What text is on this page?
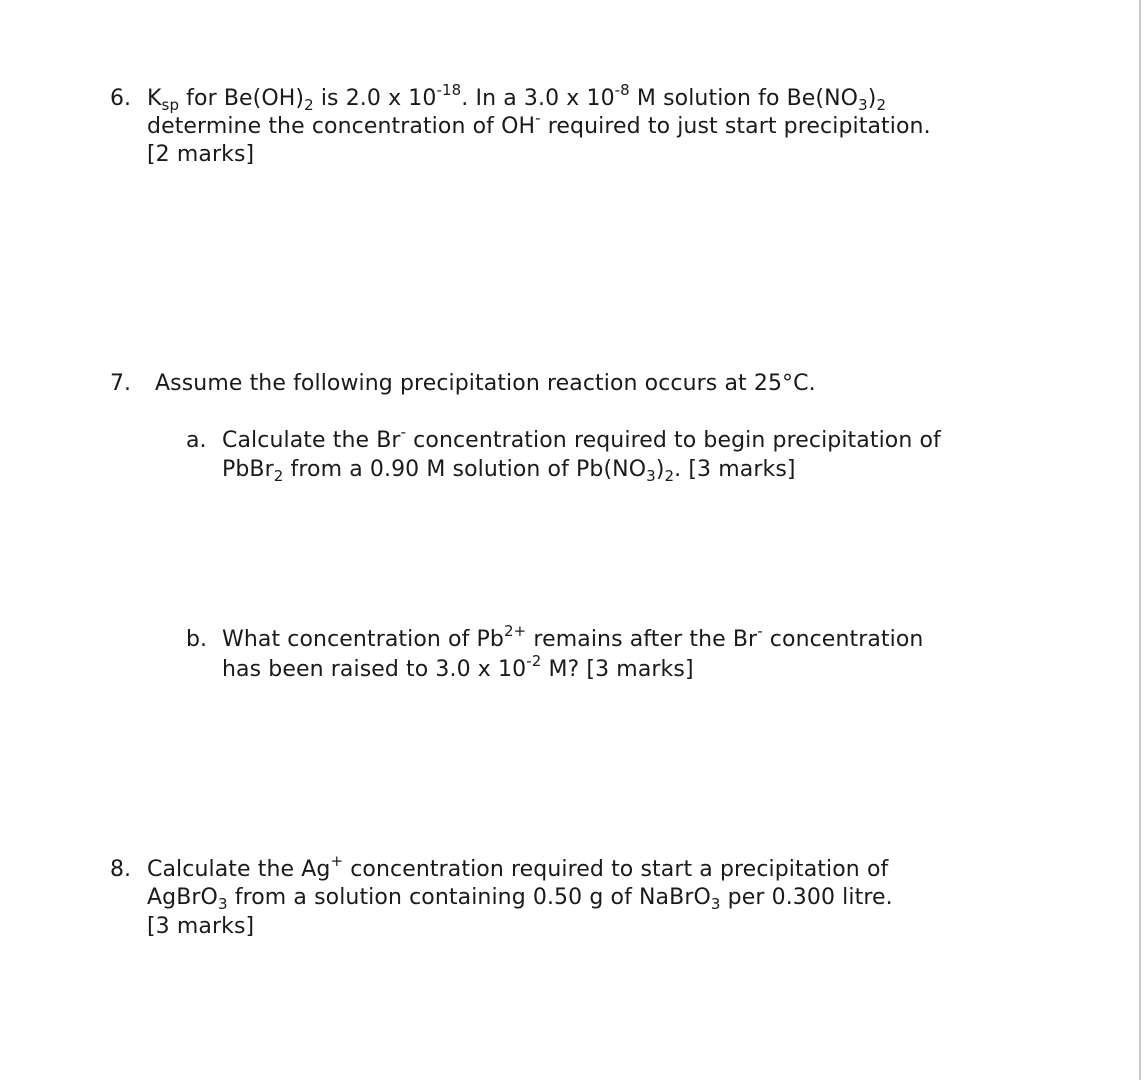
6. $K_{sp}$ for $Be(OH)_2$ is 2.0 x $10^{-18}$. In a 3.0 x $10^{-8}$ M solution fo $Be(NO_3)_2$
determine the concentration of OH- required to just start precipitation.
[2 marks]
7. Assume the following precipitation reaction occurs at 25°C.
a. Calculate the Br- concentration required to begin precipitation of
PbBr$_2$ from a 0.90 M solution of $Pb(NO_3)_2$. [3 marks]
b. What concentration of $Pb^{2+}$ remains after the Br- concentration
has been raised to 3.0 x $10^{-2}$ M? [3 marks]
8. Calculate the Ag+ concentration required to start a precipitation of
AgBrO$_3$ from a solution containing 0.50 g of NaBrO$_3$ per 0.300 litre.
[3 marks]
